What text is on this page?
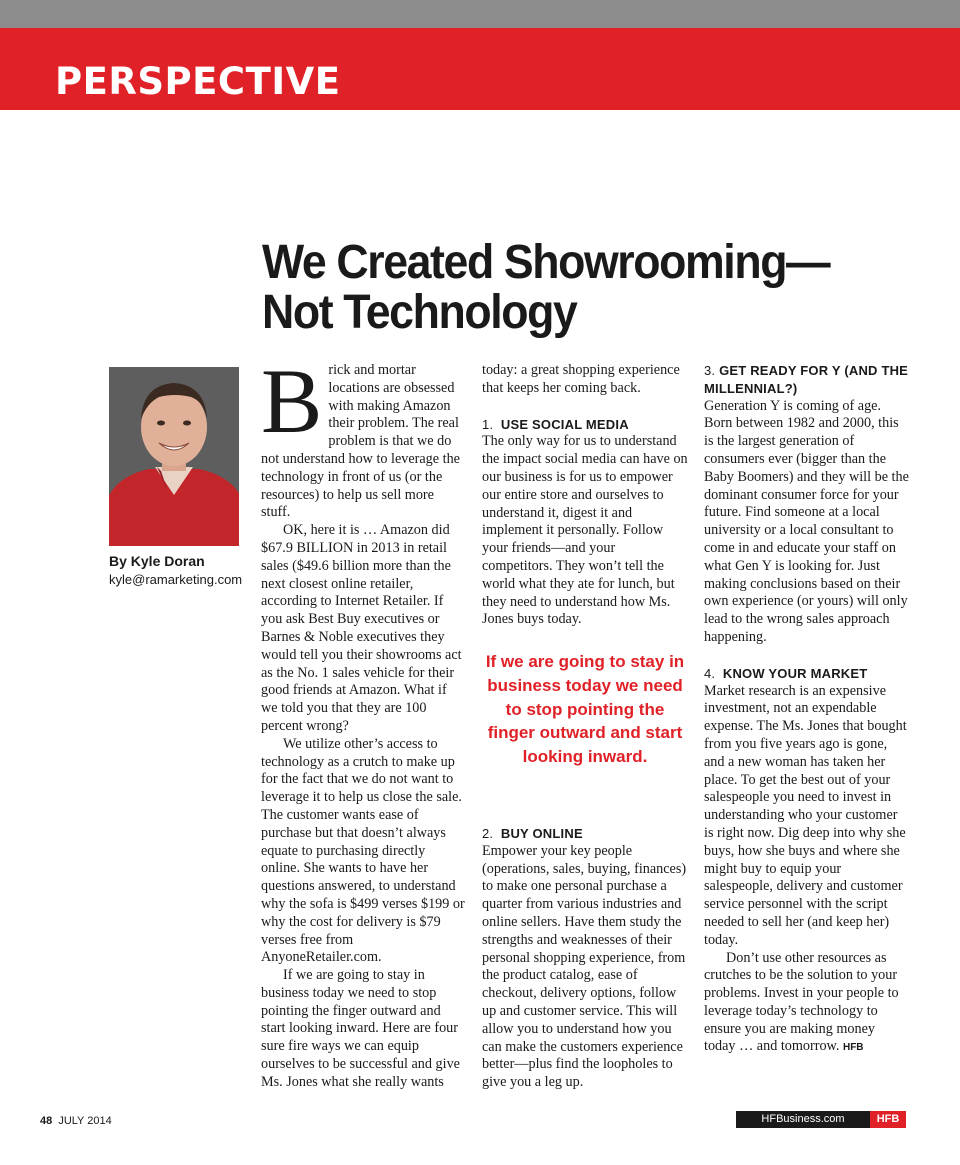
PERSPECTIVE
We Created Showrooming—
Not Technology

By Kyle Doran

kyle@ramarketing.com

Brick and mortar locations are obsessed with making Amazon their problem. The real problem is that we do not understand how to leverage the technology in front of us (or the resources) to help us sell more stuff.

OK, here it is … Amazon did $67.9 BILLION in 2013 in retail sales ($49.6 billion more than the next closest online retailer, according to Internet Retailer. If you ask Best Buy executives or Barnes & Noble executives they would tell you their showrooms act as the No. 1 sales vehicle for their good friends at Amazon. What if we told you that they are 100 percent wrong?

We utilize other’s access to technology as a crutch to make up for the fact that we do not want to leverage it to help us close the sale. The customer wants ease of purchase but that doesn’t always equate to purchasing directly online. She wants to have her questions answered, to understand why the sofa is $499 verses $199 or why the cost for delivery is $79 verses free from AnyoneRetailer.com.

If we are going to stay in business today we need to stop pointing the finger outward and start looking inward. Here are four sure fire ways we can equip ourselves to be successful and give Ms. Jones what she really wants

today: a great shopping experience that keeps her coming back.

1. USE SOCIAL MEDIA

The only way for us to understand the impact social media can have on our business is for us to empower our entire store and ourselves to understand it, digest it and implement it personally. Follow your friends—and your competitors. They won’t tell the world what they ate for lunch, but they need to understand how Ms. Jones buys today.

If we are going to stay in business today we need to stop pointing the finger outward and start looking inward.

2. BUY ONLINE

Empower your key people (operations, sales, buying, finances) to make one personal purchase a quarter from various industries and online sellers. Have them study the strengths and weaknesses of their personal shopping experience, from the product catalog, ease of checkout, delivery options, follow up and customer service. This will allow you to understand how you can make the customers experience better—plus find the loopholes to give you a leg up.

3. GET READY FOR Y (AND THE MILLENNIAL?)

Generation Y is coming of age. Born between 1982 and 2000, this is the largest generation of consumers ever (bigger than the Baby Boomers) and they will be the dominant consumer force for your future. Find someone at a local university or a local consultant to come in and educate your staff on what Gen Y is looking for. Just making conclusions based on their own experience (or yours) will only lead to the wrong sales approach happening.

4. KNOW YOUR MARKET

Market research is an expensive investment, not an expendable expense. The Ms. Jones that bought from you five years ago is gone, and a new woman has taken her place. To get the best out of your salespeople you need to invest in understanding who your customer is right now. Dig deep into why she buys, how she buys and where she might buy to equip your salespeople, delivery and customer service personnel with the script needed to sell her (and keep her) today.

Don’t use other resources as crutches to be the solution to your problems. Invest in your people to leverage today’s technology to ensure you are making money today … and tomorrow. HFB

48 JULY 2014	HFBusiness.com	HFB
